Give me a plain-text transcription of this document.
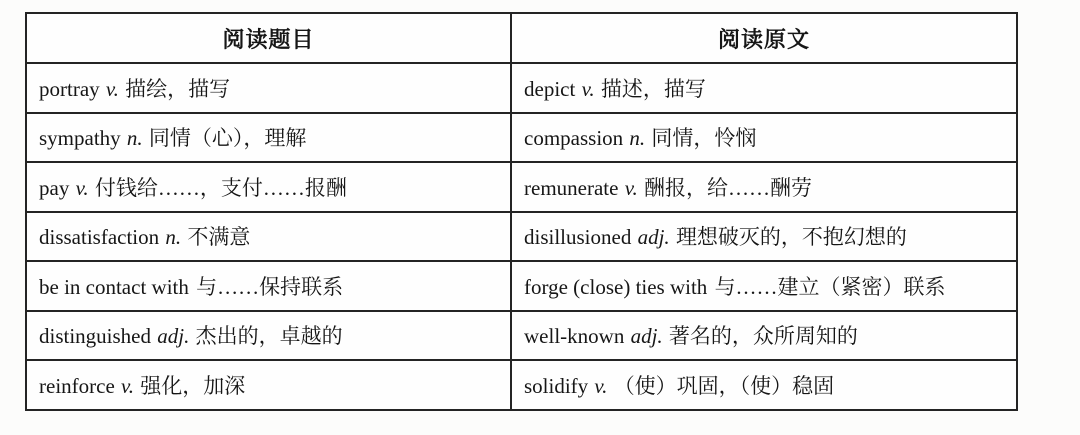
阅读题目	阅读原文
portray v. 描绘，描写	depict v. 描述，描写
sympathy n. 同情（心），理解	compassion n. 同情，怜悯
pay v. 付钱给……，支付……报酬	remunerate v. 酬报，给……酬劳
dissatisfaction n. 不满意	disillusioned adj. 理想破灭的，不抱幻想的
be in contact with 与……保持联系	forge (close) ties with 与……建立（紧密）联系
distinguished adj. 杰出的，卓越的	well-known adj. 著名的，众所周知的
reinforce v. 强化，加深	solidify v. （使）巩固，（使）稳固
